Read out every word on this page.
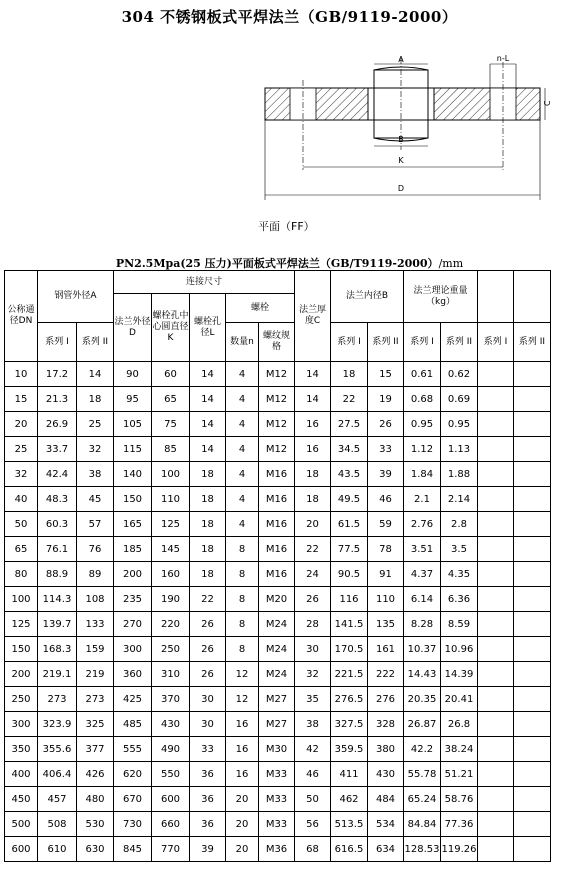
304 不锈钢板式平焊法兰（GB/9119-2000）
A	n-L
C
B
K
D
平面（FF）
PN2.5Mpa(25 压力)平面板式平焊法兰（GB/T9119-2000）/mm
公称通径DN	钢管外径A		连接尺寸					法兰厚度C	法兰内径B		法兰理论重量（kg）			
			法兰外径D	螺栓孔中心圆直径K	螺栓孔径L	螺栓								
	系列 I	系列 II				数量n	螺纹规格		系列 I	系列 II	系列 I	系列 II	系列 I	系列 II
10	17.2	14	90	60	14	4	M12	14	18	15	0.61	0.62		
15	21.3	18	95	65	14	4	M12	14	22	19	0.68	0.69		
20	26.9	25	105	75	14	4	M12	16	27.5	26	0.95	0.95		
25	33.7	32	115	85	14	4	M12	16	34.5	33	1.12	1.13		
32	42.4	38	140	100	18	4	M16	18	43.5	39	1.84	1.88		
40	48.3	45	150	110	18	4	M16	18	49.5	46	2.1	2.14		
50	60.3	57	165	125	18	4	M16	20	61.5	59	2.76	2.8		
65	76.1	76	185	145	18	8	M16	22	77.5	78	3.51	3.5		
80	88.9	89	200	160	18	8	M16	24	90.5	91	4.37	4.35		
100	114.3	108	235	190	22	8	M20	26	116	110	6.14	6.36		
125	139.7	133	270	220	26	8	M24	28	141.5	135	8.28	8.59		
150	168.3	159	300	250	26	8	M24	30	170.5	161	10.37	10.96		
200	219.1	219	360	310	26	12	M24	32	221.5	222	14.43	14.39		
250	273	273	425	370	30	12	M27	35	276.5	276	20.35	20.41		
300	323.9	325	485	430	30	16	M27	38	327.5	328	26.87	26.8		
350	355.6	377	555	490	33	16	M30	42	359.5	380	42.2	38.24		
400	406.4	426	620	550	36	16	M33	46	411	430	55.78	51.21		
450	457	480	670	600	36	20	M33	50	462	484	65.24	58.76		
500	508	530	730	660	36	20	M33	56	513.5	534	84.84	77.36		
600	610	630	845	770	39	20	M36	68	616.5	634	128.53	119.26		
